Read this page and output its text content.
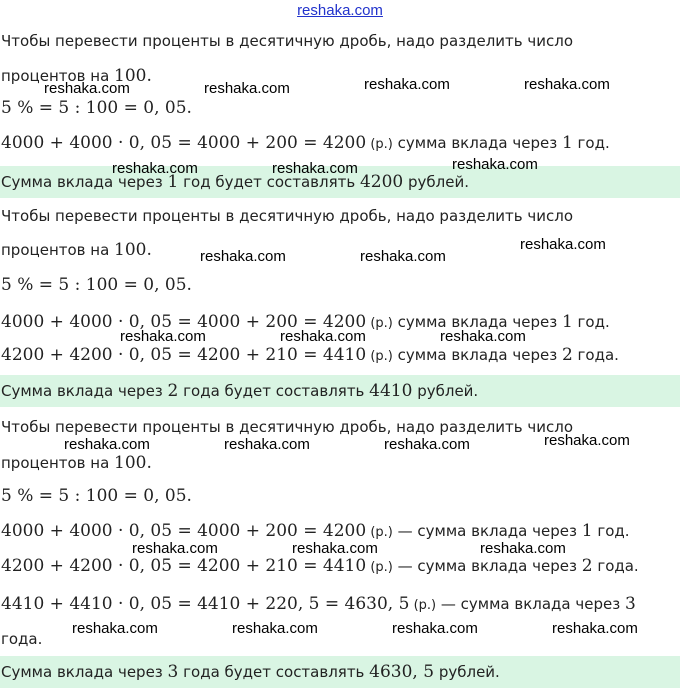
reshaka.com
Чтобы перевести проценты в десятичную дробь, надо разделить число
процентов на 100.
5 % = 5 : 100 = 0, 05.
4000 + 4000 · 0, 05 = 4000 + 200 = 4200 (р.) сумма вклада через 1 год.
Сумма вклада через 1 год будет составлять 4200 рублей.
Чтобы перевести проценты в десятичную дробь, надо разделить число
процентов на 100.
5 % = 5 : 100 = 0, 05.
4000 + 4000 · 0, 05 = 4000 + 200 = 4200 (р.) сумма вклада через 1 год.
4200 + 4200 · 0, 05 = 4200 + 210 = 4410 (р.) сумма вклада через 2 года.
Сумма вклада через 2 года будет составлять 4410 рублей.
Чтобы перевести проценты в десятичную дробь, надо разделить число
процентов на 100.
5 % = 5 : 100 = 0, 05.
4000 + 4000 · 0, 05 = 4000 + 200 = 4200 (р.) — сумма вклада через 1 год.
4200 + 4200 · 0, 05 = 4200 + 210 = 4410 (р.) — сумма вклада через 2 года.
4410 + 4410 · 0, 05 = 4410 + 220, 5 = 4630, 5 (р.) — сумма вклада через 3
года.
Сумма вклада через 3 года будет составлять 4630, 5 рублей.
reshaka.com	reshaka.com	reshaka.com	reshaka.com
reshaka.com	reshaka.com	reshaka.com
reshaka.com	reshaka.com
reshaka.com
reshaka.com	reshaka.com	reshaka.com
reshaka.com	reshaka.com	reshaka.com	reshaka.com
reshaka.com	reshaka.com	reshaka.com
reshaka.com	reshaka.com	reshaka.com	reshaka.com
